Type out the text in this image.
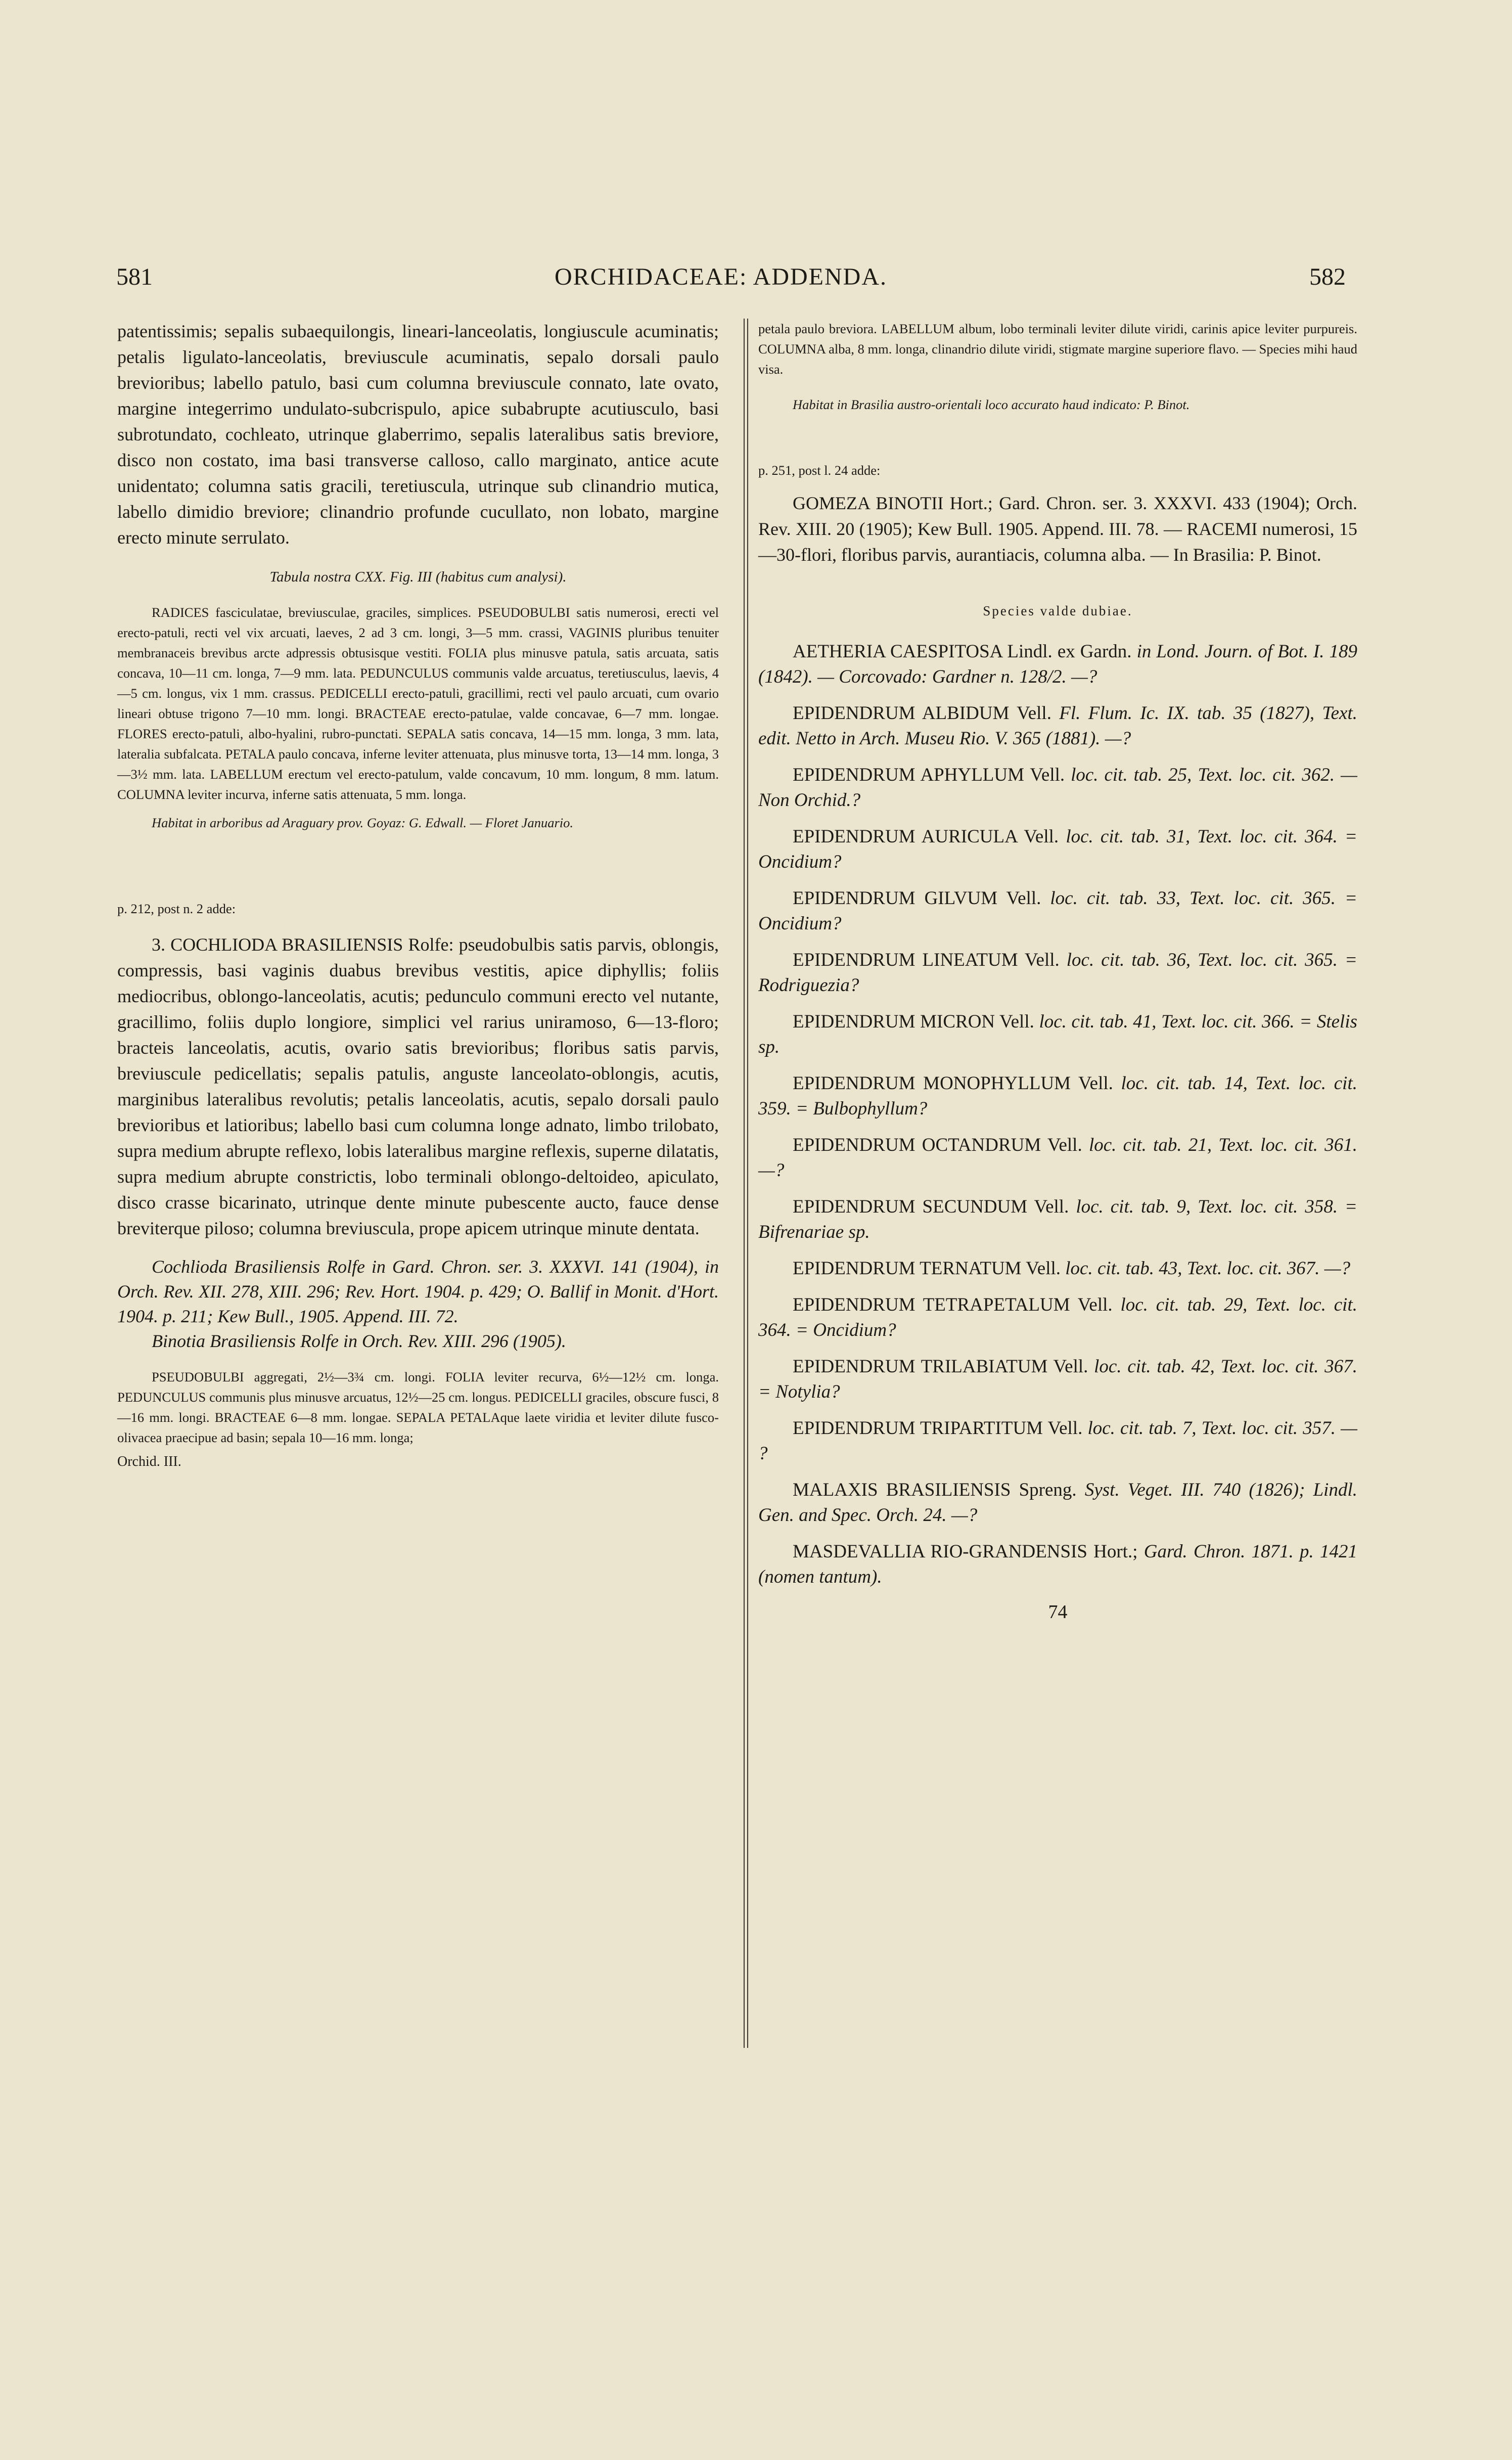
581	ORCHIDACEAE: ADDENDA.	582

patentissimis; sepalis subaequilongis, lineari-lanceolatis, longiuscule acuminatis; petalis ligulato-lanceolatis, breviuscule acuminatis, sepalo dorsali paulo brevioribus; labello patulo, basi cum columna breviuscule connato, late ovato, margine integerrimo undulato-subcrispulo, apice subabrupte acutiusculo, basi subrotundato, cochleato, utrinque glaberrimo, sepalis lateralibus satis breviore, disco non costato, ima basi transverse calloso, callo marginato, antice acute unidentato; columna satis gracili, teretiuscula, utrinque sub clinandrio mutica, labello dimidio breviore; clinandrio profunde cucullato, non lobato, margine erecto minute serrulato.

Tabula nostra CXX. Fig. III (habitus cum analysi).

RADICES fasciculatae, breviusculae, graciles, simplices. PSEUDOBULBI satis numerosi, erecti vel erecto-patuli, recti vel vix arcuati, laeves, 2 ad 3 cm. longi, 3—5 mm. crassi, VAGINIS pluribus tenuiter membranaceis brevibus arcte adpressis obtusisque vestiti. FOLIA plus minusve patula, satis arcuata, satis concava, 10—11 cm. longa, 7—9 mm. lata. PEDUNCULUS communis valde arcuatus, teretiusculus, laevis, 4—5 cm. longus, vix 1 mm. crassus. PEDICELLI erecto-patuli, gracillimi, recti vel paulo arcuati, cum ovario lineari obtuse trigono 7—10 mm. longi. BRACTEAE erecto-patulae, valde concavae, 6—7 mm. longae. FLORES erecto-patuli, albo-hyalini, rubro-punctati. SEPALA satis concava, 14—15 mm. longa, 3 mm. lata, lateralia subfalcata. PETALA paulo concava, inferne leviter attenuata, plus minusve torta, 13—14 mm. longa, 3—3½ mm. lata. LABELLUM erectum vel erecto-patulum, valde concavum, 10 mm. longum, 8 mm. latum. COLUMNA leviter incurva, inferne satis attenuata, 5 mm. longa.

Habitat in arboribus ad Araguary prov. Goyaz: G. Edwall. — Floret Januario.

p. 212, post n. 2 adde:

3. COCHLIODA BRASILIENSIS Rolfe: pseudobulbis satis parvis, oblongis, compressis, basi vaginis duabus brevibus vestitis, apice diphyllis; foliis mediocribus, oblongo-lanceolatis, acutis; pedunculo communi erecto vel nutante, gracillimo, foliis duplo longiore, simplici vel rarius uniramoso, 6—13-floro; bracteis lanceolatis, acutis, ovario satis brevioribus; floribus satis parvis, breviuscule pedicellatis; sepalis patulis, anguste lanceolato-oblongis, acutis, marginibus lateralibus revolutis; petalis lanceolatis, acutis, sepalo dorsali paulo brevioribus et latioribus; labello basi cum columna longe adnato, limbo trilobato, supra medium abrupte reflexo, lobis lateralibus margine reflexis, superne dilatatis, supra medium abrupte constrictis, lobo terminali oblongo-deltoideo, apiculato, disco crasse bicarinato, utrinque dente minute pubescente aucto, fauce dense breviterque piloso; columna breviuscula, prope apicem utrinque minute dentata.

Cochlioda Brasiliensis Rolfe in Gard. Chron. ser. 3. XXXVI. 141 (1904), in Orch. Rev. XII. 278, XIII. 296; Rev. Hort. 1904. p. 429; O. Ballif in Monit. d'Hort. 1904. p. 211; Kew Bull., 1905. Append. III. 72.

Binotia Brasiliensis Rolfe in Orch. Rev. XIII. 296 (1905).

PSEUDOBULBI aggregati, 2½—3¾ cm. longi. FOLIA leviter recurva, 6½—12½ cm. longa. PEDUNCULUS communis plus minusve arcuatus, 12½—25 cm. longus. PEDICELLI graciles, obscure fusci, 8—16 mm. longi. BRACTEAE 6—8 mm. longae. SEPALA PETALAque laete viridia et leviter dilute fusco-olivacea praecipue ad basin; sepala 10—16 mm. longa;

Orchid. III.

petala paulo breviora. LABELLUM album, lobo terminali leviter dilute viridi, carinis apice leviter purpureis. COLUMNA alba, 8 mm. longa, clinandrio dilute viridi, stigmate margine superiore flavo. — Species mihi haud visa.

Habitat in Brasilia austro-orientali loco accurato haud indicato: P. Binot.

p. 251, post l. 24 adde:

GOMEZA BINOTII Hort.; Gard. Chron. ser. 3. XXXVI. 433 (1904); Orch. Rev. XIII. 20 (1905); Kew Bull. 1905. Append. III. 78. — RACEMI numerosi, 15—30-flori, floribus parvis, aurantiacis, columna alba. — In Brasilia: P. Binot.

Species valde dubiae.

AETHERIA CAESPITOSA Lindl. ex Gardn. in Lond. Journ. of Bot. I. 189 (1842). — Corcovado: Gardner n. 128/2. —?

EPIDENDRUM ALBIDUM Vell. Fl. Flum. Ic. IX. tab. 35 (1827), Text. edit. Netto in Arch. Museu Rio. V. 365 (1881). —?

EPIDENDRUM APHYLLUM Vell. loc. cit. tab. 25, Text. loc. cit. 362. — Non Orchid.?

EPIDENDRUM AURICULA Vell. loc. cit. tab. 31, Text. loc. cit. 364. = Oncidium?

EPIDENDRUM GILVUM Vell. loc. cit. tab. 33, Text. loc. cit. 365. = Oncidium?

EPIDENDRUM LINEATUM Vell. loc. cit. tab. 36, Text. loc. cit. 365. = Rodriguezia?

EPIDENDRUM MICRON Vell. loc. cit. tab. 41, Text. loc. cit. 366. = Stelis sp.

EPIDENDRUM MONOPHYLLUM Vell. loc. cit. tab. 14, Text. loc. cit. 359. = Bulbophyllum?

EPIDENDRUM OCTANDRUM Vell. loc. cit. tab. 21, Text. loc. cit. 361. —?

EPIDENDRUM SECUNDUM Vell. loc. cit. tab. 9, Text. loc. cit. 358. = Bifrenariae sp.

EPIDENDRUM TERNATUM Vell. loc. cit. tab. 43, Text. loc. cit. 367. —?

EPIDENDRUM TETRAPETALUM Vell. loc. cit. tab. 29, Text. loc. cit. 364. = Oncidium?

EPIDENDRUM TRILABIATUM Vell. loc. cit. tab. 42, Text. loc. cit. 367. = Notylia?

EPIDENDRUM TRIPARTITUM Vell. loc. cit. tab. 7, Text. loc. cit. 357. — ?

MALAXIS BRASILIENSIS Spreng. Syst. Veget. III. 740 (1826); Lindl. Gen. and Spec. Orch. 24. —?

MASDEVALLIA RIO-GRANDENSIS Hort.; Gard. Chron. 1871. p. 1421 (nomen tantum).

74
